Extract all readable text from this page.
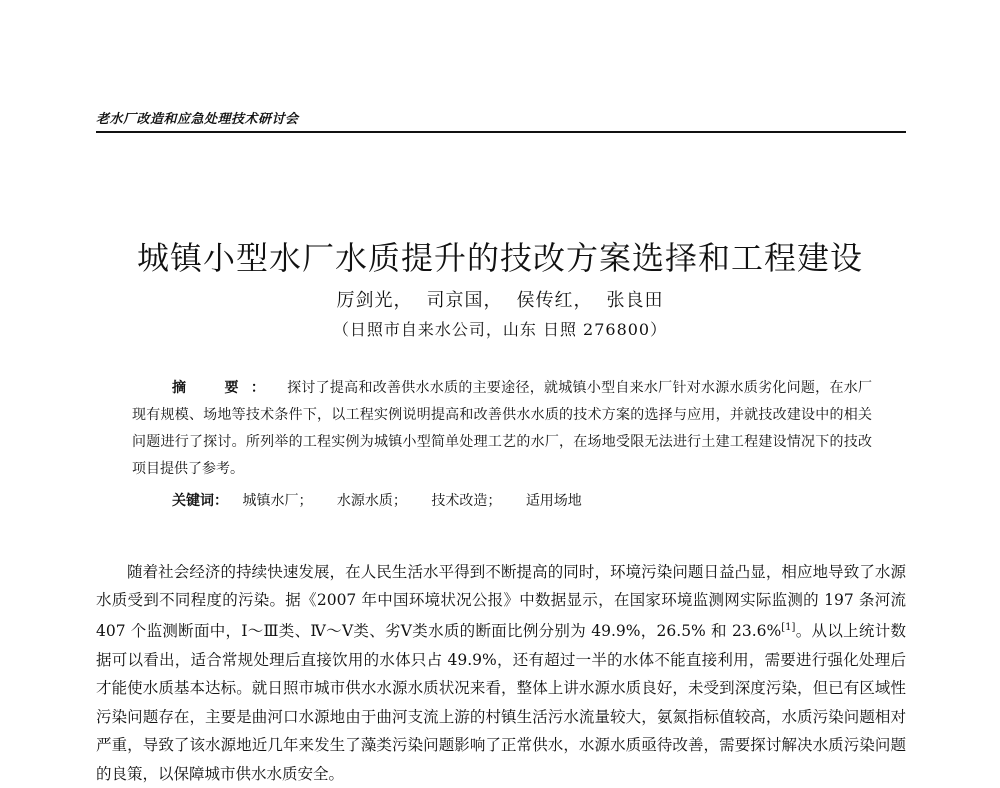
老水厂改造和应急处理技术研讨会
城镇小型水厂水质提升的技改方案选择和工程建设
厉剑光 ， 司京国 ， 侯传红 ， 张良田
（日照市自来水公司，山东 日照 276800）
摘　要： 探讨了提高和改善供水水质的主要途径，就城镇小型自来水厂针对水源水质劣化问题，在水厂现有规模、场地等技术条件下，以工程实例说明提高和改善供水水质的技术方案的选择与应用，并就技改建设中的相关问题进行了探讨。所列举的工程实例为城镇小型简单处理工艺的水厂，在场地受限无法进行土建工程建设情况下的技改项目提供了参考。
关键词： 城镇水厂； 水源水质； 技术改造； 适用场地

随着社会经济的持续快速发展，在人民生活水平得到不断提高的同时，环境污染问题日益凸显，相应地导致了水源水质受到不同程度的污染。据《2007 年中国环境状况公报》中数据显示，在国家环境监测网实际监测的 197 条河流 407 个监测断面中，Ⅰ～Ⅲ类、Ⅳ～Ⅴ类、劣Ⅴ类水质的断面比例分别为 49.9%，26.5% 和 23.6%[1]。从以上统计数据可以看出，适合常规处理后直接饮用的水体只占 49.9%，还有超过一半的水体不能直接利用，需要进行强化处理后才能使水质基本达标。就日照市城市供水水源水质状况来看，整体上讲水源水质良好，未受到深度污染，但已有区域性污染问题存在，主要是曲河口水源地由于曲河支流上游的村镇生活污水流量较大，氨氮指标值较高，水质污染问题相对严重，导致了该水源地近几年来发生了藻类污染问题影响了正常供水，水源水质亟待改善，需要探讨解决水质污染问题的良策，以保障城市供水水质安全。
